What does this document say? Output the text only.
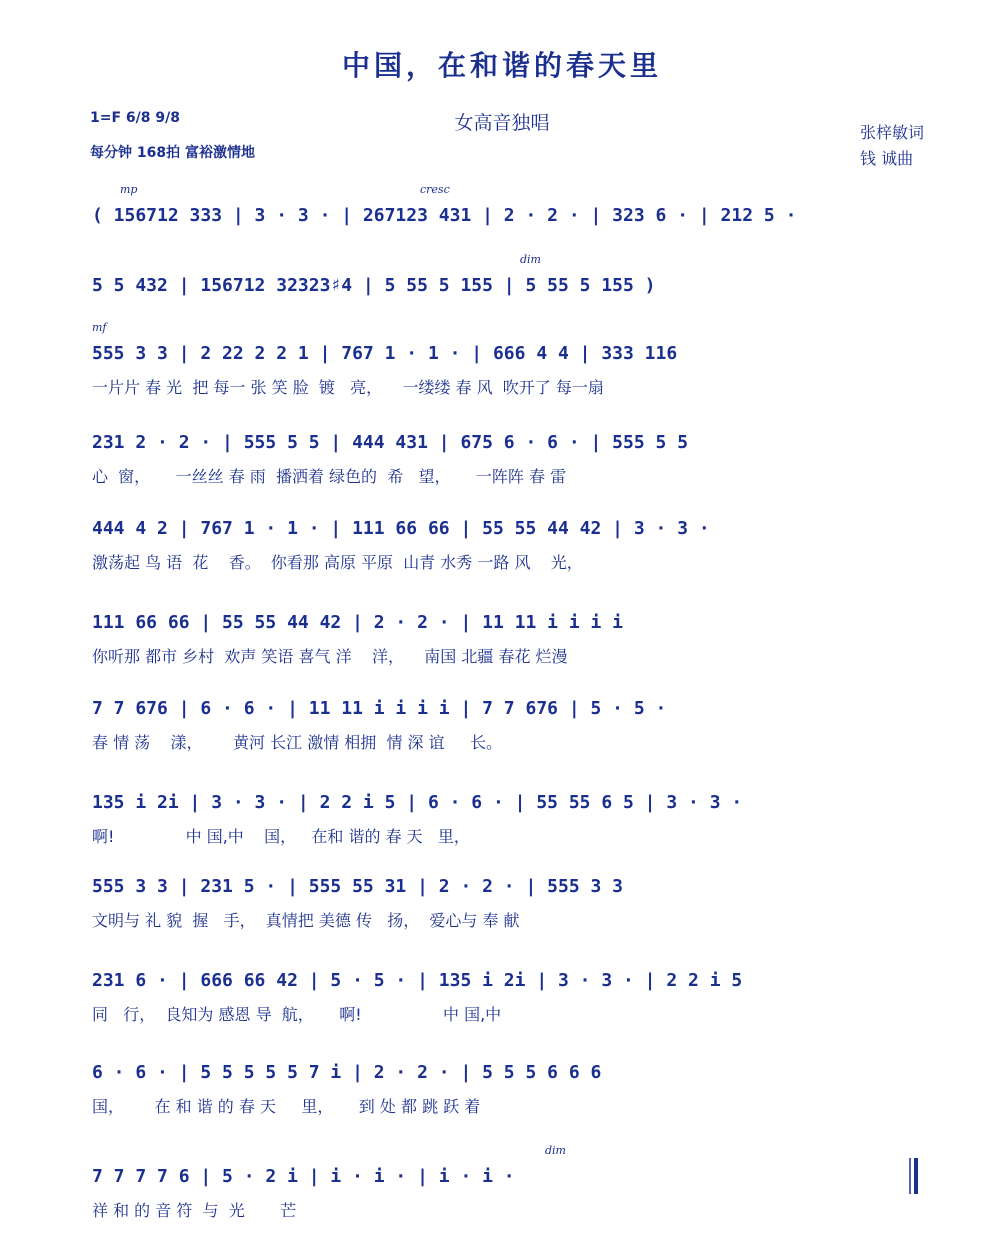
中国，在和谐的春天里
1=F 6/8 9/8
每分钟 168拍 富裕激情地
女高音独唱	张梓敏词
钱 诚曲
mp	cresc
( 156712 333 | 3 · 3 · | 267123 431 | 2 · 2 · | 323 6 · | 212 5 ·
dim
5 5 432 | 156712 32323♯4 | 5 55 5 155 | 5 55 5 155 )
mf
555 3 3 | 2 22 2 2 1 | 767 1 · 1 · | 666 4 4 | 333 116
一片片 春 光  把 每一 张 笑 脸  镀   亮，    一缕缕 春 风  吹开了 每一扇
231 2 · 2 · | 555 5 5 | 444 431 | 675 6 · 6 · | 555 5 5
心  窗，     一丝丝 春 雨  播洒着 绿色的  希   望，     一阵阵 春 雷
444 4 2 | 767 1 · 1 · | 111 66 66 | 55 55 44 42 | 3 · 3 ·
激荡起 鸟 语  花    香。  你看那 高原 平原  山青 水秀 一路 风    光，
111 66 66 | 55 55 44 42 | 2 · 2 · | 11 11 i i i i
你听那 都市 乡村  欢声 笑语 喜气 洋    洋，    南国 北疆 春花 烂漫
7 7 676 | 6 · 6 · | 11 11 i i i i | 7 7 676 | 5 · 5 ·
春 情 荡    漾，      黄河 长江 激情 相拥  情 深 谊     长。
135 i 2i | 3 · 3 · | 2 2 i 5 | 6 · 6 · | 55 55 6 5 | 3 · 3 ·
啊!              中 国,中    国，   在和 谐的 春 天   里，
555 3 3 | 231 5 · | 555 55 31 | 2 · 2 · | 555 3 3
文明与 礼 貌  握   手，  真情把 美德 传   扬，  爱心与 奉 献
231 6 · | 666 66 42 | 5 · 5 · | 135 i 2i | 3 · 3 · | 2 2 i 5
同   行，  良知为 感恩 导  航，     啊!                中 国,中
6 · 6 · | 5 5 5 5 5 7 i | 2 · 2 · | 5 5 5 6 6 6
国，      在 和 谐 的 春 天     里，     到 处 都 跳 跃 着
dim
7 7 7 7 6 | 5 · 2 i | i · i · | i · i ·
祥 和 的 音 符  与  光       芒
